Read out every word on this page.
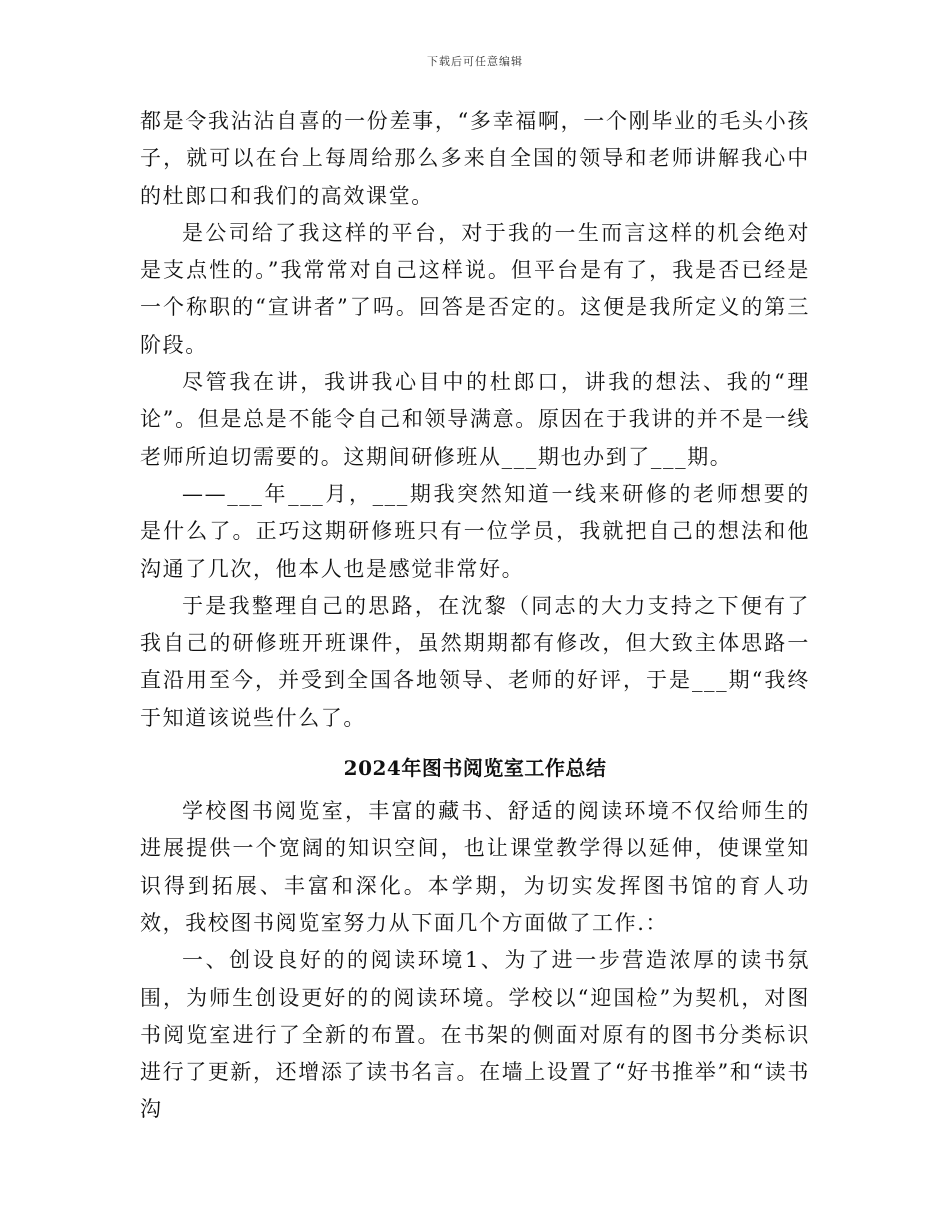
下载后可任意编辑

都是令我沾沾自喜的一份差事，“多幸福啊，一个刚毕业的毛头小孩子，就可以在台上每周给那么多来自全国的领导和老师讲解我心中的杜郎口和我们的高效课堂。

是公司给了我这样的平台，对于我的一生而言这样的机会绝对是支点性的。”我常常对自己这样说。但平台是有了，我是否已经是一个称职的“宣讲者”了吗。回答是否定的。这便是我所定义的第三阶段。

尽管我在讲，我讲我心目中的杜郎口，讲我的想法、我的“理论”。但是总是不能令自己和领导满意。原因在于我讲的并不是一线老师所迫切需要的。这期间研修班从___期也办到了___期。

——___年___月，___期我突然知道一线来研修的老师想要的是什么了。正巧这期研修班只有一位学员，我就把自己的想法和他沟通了几次，他本人也是感觉非常好。

于是我整理自己的思路，在沈黎（同志的大力支持之下便有了我自己的研修班开班课件，虽然期期都有修改，但大致主体思路一直沿用至今，并受到全国各地领导、老师的好评，于是___期“我终于知道该说些什么了。

2024年图书阅览室工作总结

学校图书阅览室，丰富的藏书、舒适的阅读环境不仅给师生的进展提供一个宽阔的知识空间，也让课堂教学得以延伸，使课堂知识得到拓展、丰富和深化。本学期，为切实发挥图书馆的育人功效，我校图书阅览室努力从下面几个方面做了工作.：

一、创设良好的的阅读环境1、为了进一步营造浓厚的读书氛围，为师生创设更好的的阅读环境。学校以“迎国检”为契机，对图书阅览室进行了全新的布置。在书架的侧面对原有的图书分类标识进行了更新，还增添了读书名言。在墙上设置了“好书推举”和“读书沟
